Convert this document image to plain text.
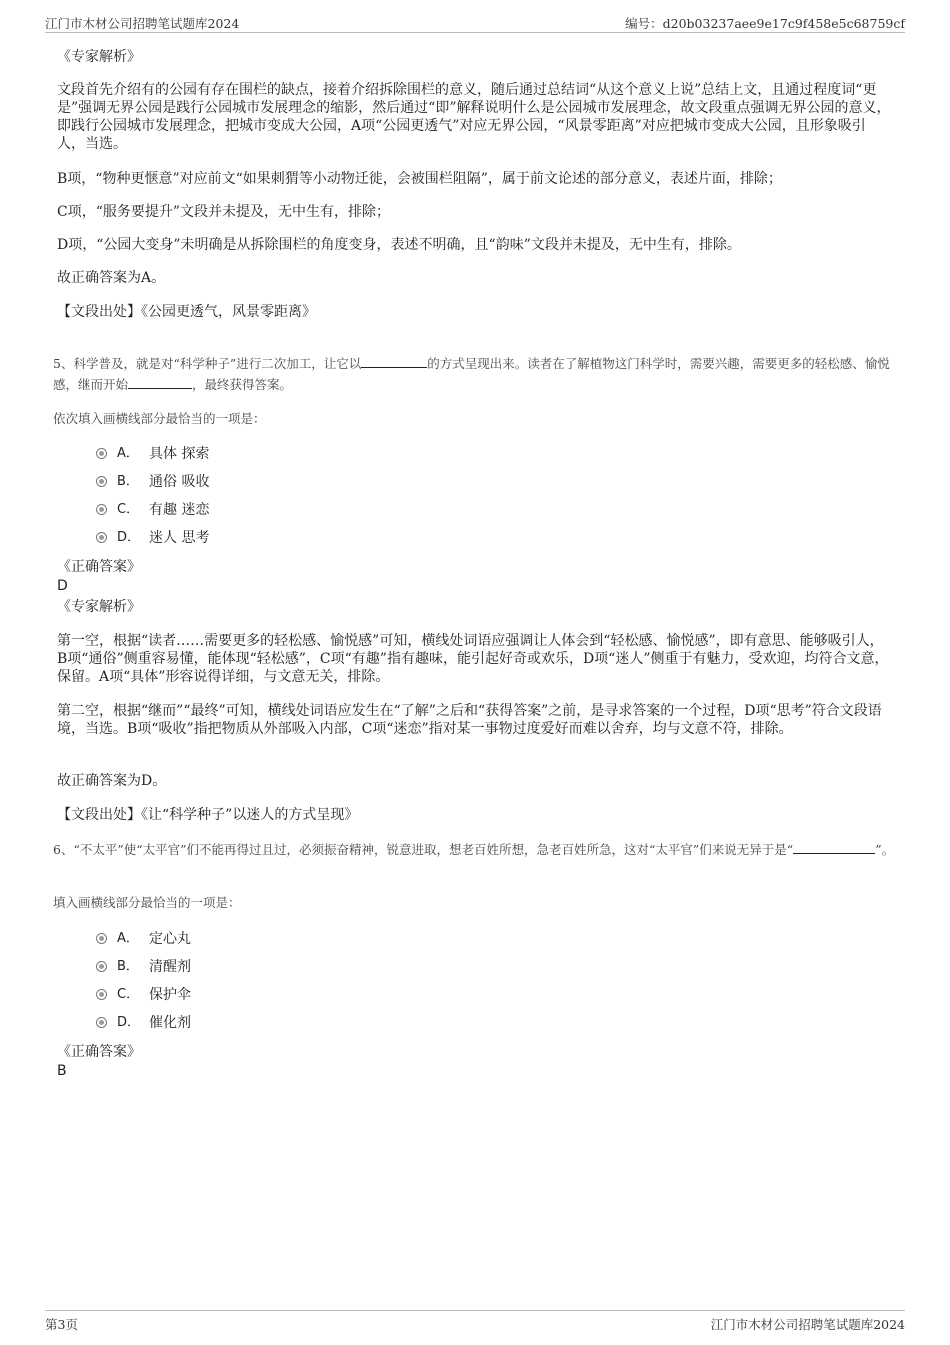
江门市木材公司招聘笔试题库2024	编号：d20b03237aee9e17c9f458e5c68759cf
《专家解析》
文段首先介绍有的公园有存在围栏的缺点，接着介绍拆除围栏的意义，随后通过总结词“从这个意义上说”总结上文，且通过程度词“更是”强调无界公园是践行公园城市发展理念的缩影，然后通过“即”解释说明什么是公园城市发展理念，故文段重点强调无界公园的意义，即践行公园城市发展理念，把城市变成大公园，A项“公园更透气”对应无界公园，“风景零距离”对应把城市变成大公园，且形象吸引人，当选。
B项，“物种更惬意”对应前文“如果刺猬等小动物迁徙，会被围栏阻隔”，属于前文论述的部分意义，表述片面，排除；
C项，“服务要提升”文段并未提及，无中生有，排除；
D项，“公园大变身”未明确是从拆除围栏的角度变身，表述不明确，且“韵味”文段并未提及，无中生有，排除。
故正确答案为A。
【文段出处】《公园更透气，风景零距离》
5、科学普及，就是对“科学种子”进行二次加工，让它以	的方式呈现出来。读者在了解植物这门科学时，需要兴趣，需要更多的轻松感、愉悦感，继而开始	，最终获得答案。
依次填入画横线部分最恰当的一项是：
A． 具体 探索
B． 通俗 吸收
C． 有趣 迷恋
D． 迷人 思考
《正确答案》
D
《专家解析》
第一空，根据“读者……需要更多的轻松感、愉悦感”可知，横线处词语应强调让人体会到“轻松感、愉悦感”，即有意思、能够吸引人，B项“通俗”侧重容易懂，能体现“轻松感”，C项“有趣”指有趣味，能引起好奇或欢乐，D项“迷人”侧重于有魅力，受欢迎，均符合文意，保留。A项“具体”形容说得详细，与文意无关，排除。
第二空，根据“继而”“最终”可知，横线处词语应发生在“了解”之后和“获得答案”之前，是寻求答案的一个过程，D项“思考”符合文段语境，当选。B项“吸收”指把物质从外部吸入内部，C项“迷恋”指对某一事物过度爱好而难以舍弃，均与文意不符，排除。
故正确答案为D。
【文段出处】《让“科学种子”以迷人的方式呈现》
6、“不太平”使“太平官”们不能再得过且过，必须振奋精神，锐意进取，想老百姓所想，急老百姓所急，这对“太平官”们来说无异于是“	”。
填入画横线部分最恰当的一项是：
A． 定心丸
B． 清醒剂
C． 保护伞
D． 催化剂
《正确答案》
B
第3页	江门市木材公司招聘笔试题库2024
